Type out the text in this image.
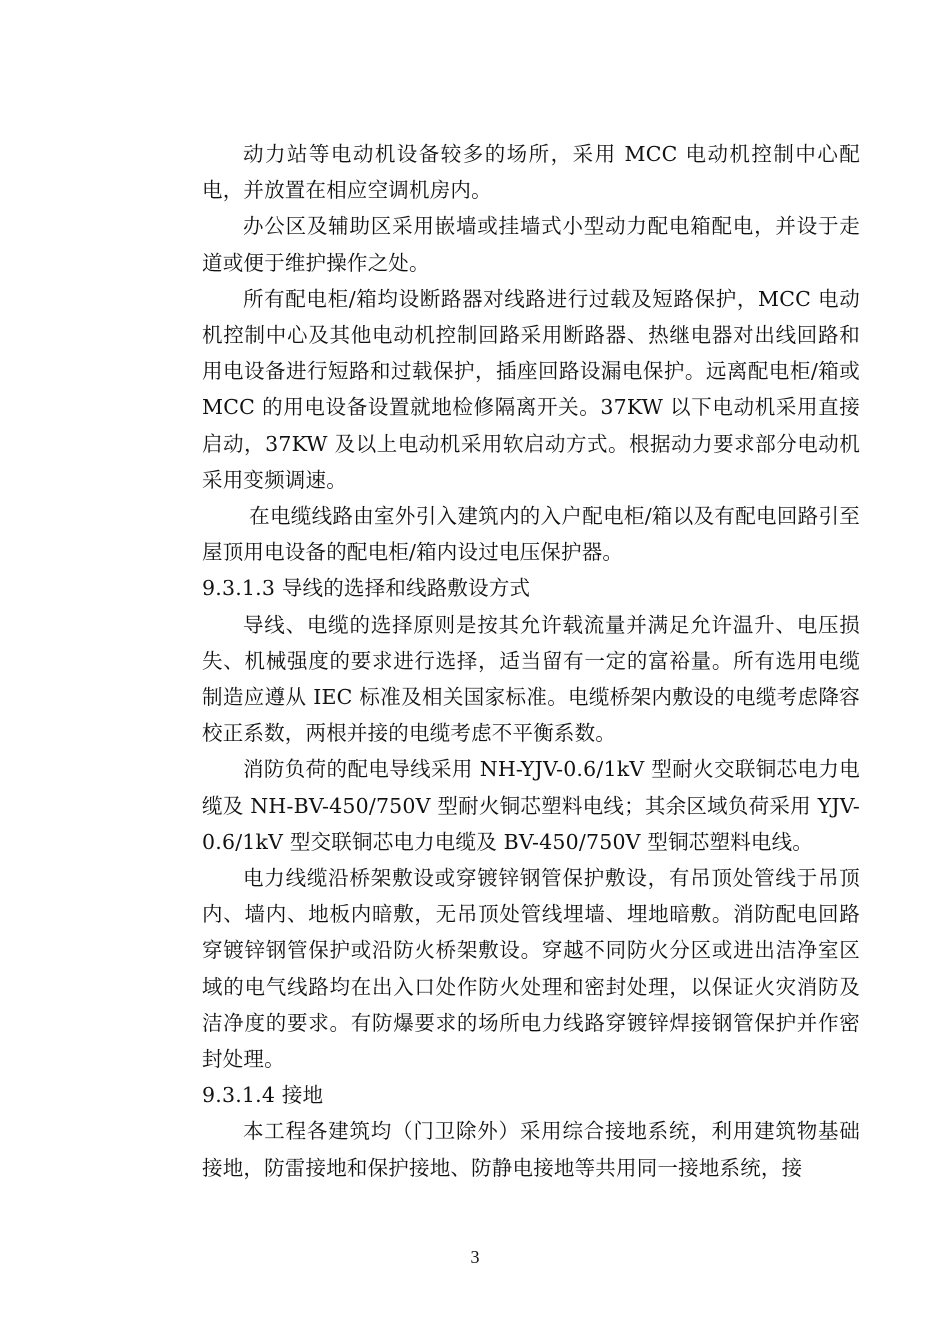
动力站等电动机设备较多的场所，采用 MCC 电动机控制中心配电，并放置在相应空调机房内。

办公区及辅助区采用嵌墙或挂墙式小型动力配电箱配电，并设于走道或便于维护操作之处。

所有配电柜/箱均设断路器对线路进行过载及短路保护，MCC 电动机控制中心及其他电动机控制回路采用断路器、热继电器对出线回路和用电设备进行短路和过载保护，插座回路设漏电保护。远离配电柜/箱或 MCC 的用电设备设置就地检修隔离开关。37KW 以下电动机采用直接启动，37KW 及以上电动机采用软启动方式。根据动力要求部分电动机采用变频调速。

在电缆线路由室外引入建筑内的入户配电柜/箱以及有配电回路引至屋顶用电设备的配电柜/箱内设过电压保护器。

9.3.1.3 导线的选择和线路敷设方式

导线、电缆的选择原则是按其允许载流量并满足允许温升、电压损失、机械强度的要求进行选择，适当留有一定的富裕量。所有选用电缆制造应遵从 IEC 标准及相关国家标准。电缆桥架内敷设的电缆考虑降容校正系数，两根并接的电缆考虑不平衡系数。

消防负荷的配电导线采用 NH-YJV-0.6/1kV 型耐火交联铜芯电力电缆及 NH-BV-450/750V 型耐火铜芯塑料电线；其余区域负荷采用 YJV-0.6/1kV 型交联铜芯电力电缆及 BV-450/750V 型铜芯塑料电线。

电力线缆沿桥架敷设或穿镀锌钢管保护敷设，有吊顶处管线于吊顶内、墙内、地板内暗敷，无吊顶处管线埋墙、埋地暗敷。消防配电回路穿镀锌钢管保护或沿防火桥架敷设。穿越不同防火分区或进出洁净室区域的电气线路均在出入口处作防火处理和密封处理，以保证火灾消防及洁净度的要求。有防爆要求的场所电力线路穿镀锌焊接钢管保护并作密封处理。

9.3.1.4 接地

本工程各建筑均（门卫除外）采用综合接地系统，利用建筑物基础接地，防雷接地和保护接地、防静电接地等共用同一接地系统，接

3
